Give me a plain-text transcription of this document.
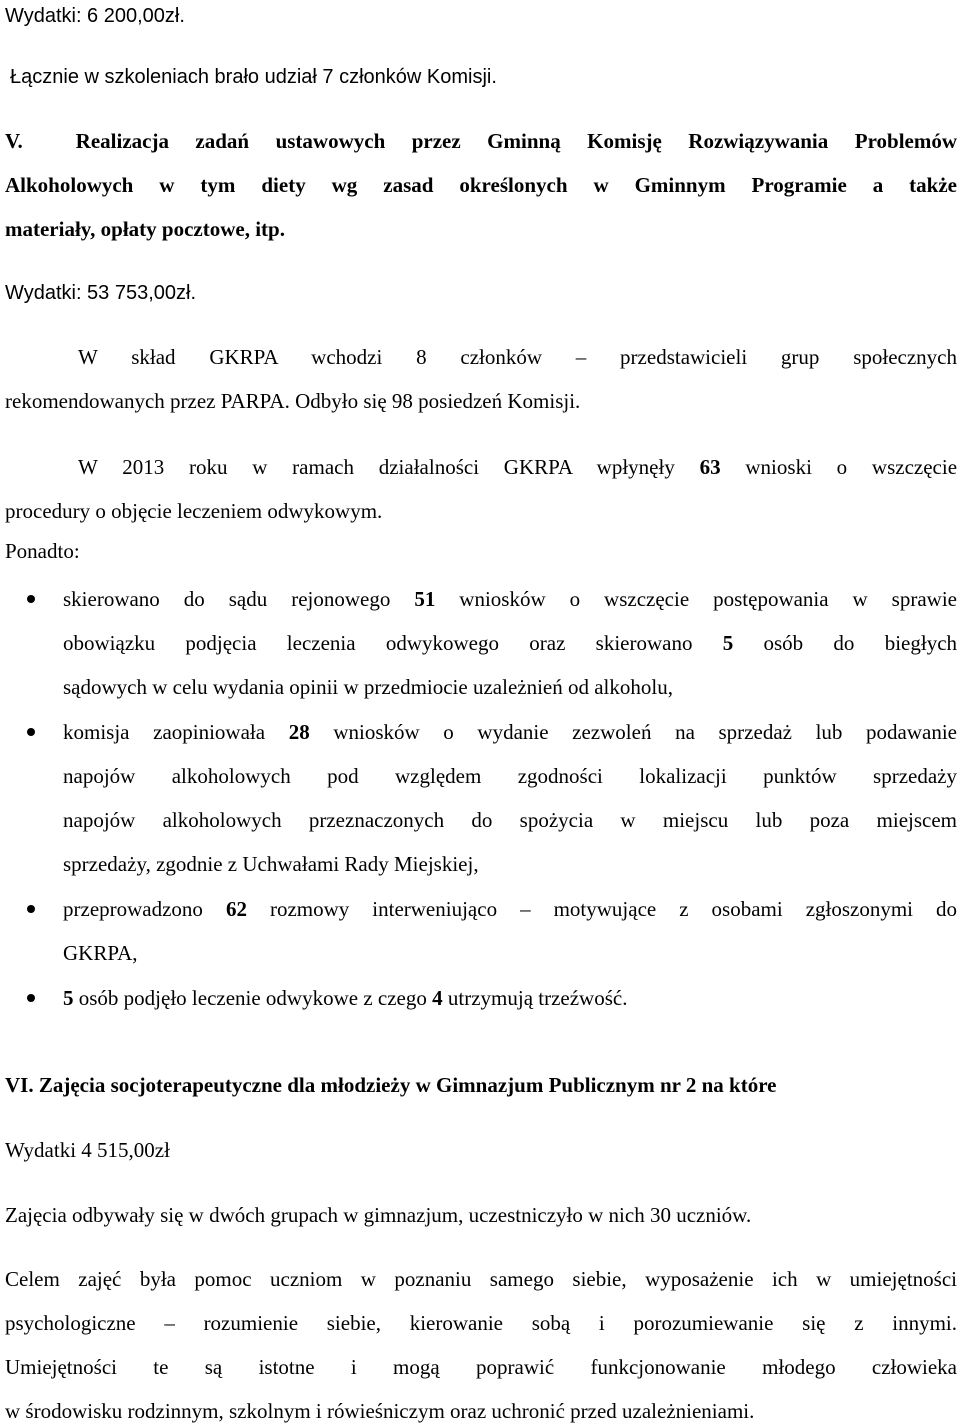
Wydatki: 6 200,00zł.
Łącznie w szkoleniach brało udział 7 członków Komisji.
V.	Realizacja zadań ustawowych przez Gminną Komisję Rozwiązywania Problemów
Alkoholowych w tym diety wg zasad określonych w Gminnym Programie a także
materiały, opłaty pocztowe, itp.
Wydatki: 53 753,00zł.
W skład GKRPA wchodzi 8 członków – przedstawicieli grup społecznych
rekomendowanych przez PARPA. Odbyło się 98 posiedzeń Komisji.
W 2013 roku w ramach działalności GKRPA wpłynęły 63 wnioski o wszczęcie
procedury o objęcie leczeniem odwykowym.
Ponadto:
skierowano do sądu rejonowego 51 wniosków o wszczęcie postępowania w sprawie
obowiązku podjęcia leczenia odwykowego oraz skierowano 5 osób do biegłych
sądowych w celu wydania opinii w przedmiocie uzależnień od alkoholu,
komisja zaopiniowała 28 wniosków o wydanie zezwoleń na sprzedaż lub podawanie
napojów alkoholowych pod względem zgodności lokalizacji punktów sprzedaży
napojów alkoholowych przeznaczonych do spożycia w miejscu lub poza miejscem
sprzedaży, zgodnie z Uchwałami Rady Miejskiej,
przeprowadzono 62 rozmowy interweniująco – motywujące z osobami zgłoszonymi do
GKRPA,
5 osób podjęło leczenie odwykowe z czego 4 utrzymują trzeźwość.
VI. Zajęcia socjoterapeutyczne dla młodzieży w Gimnazjum Publicznym nr 2 na które
Wydatki 4 515,00zł
Zajęcia odbywały się w dwóch grupach w gimnazjum, uczestniczyło w nich 30 uczniów.
Celem zajęć była pomoc uczniom w poznaniu samego siebie, wyposażenie ich w umiejętności
psychologiczne – rozumienie siebie, kierowanie sobą i porozumiewanie się z innymi.
Umiejętności te są istotne i mogą poprawić funkcjonowanie młodego człowieka
w środowisku rodzinnym, szkolnym i rówieśniczym oraz uchronić przed uzależnieniami.
